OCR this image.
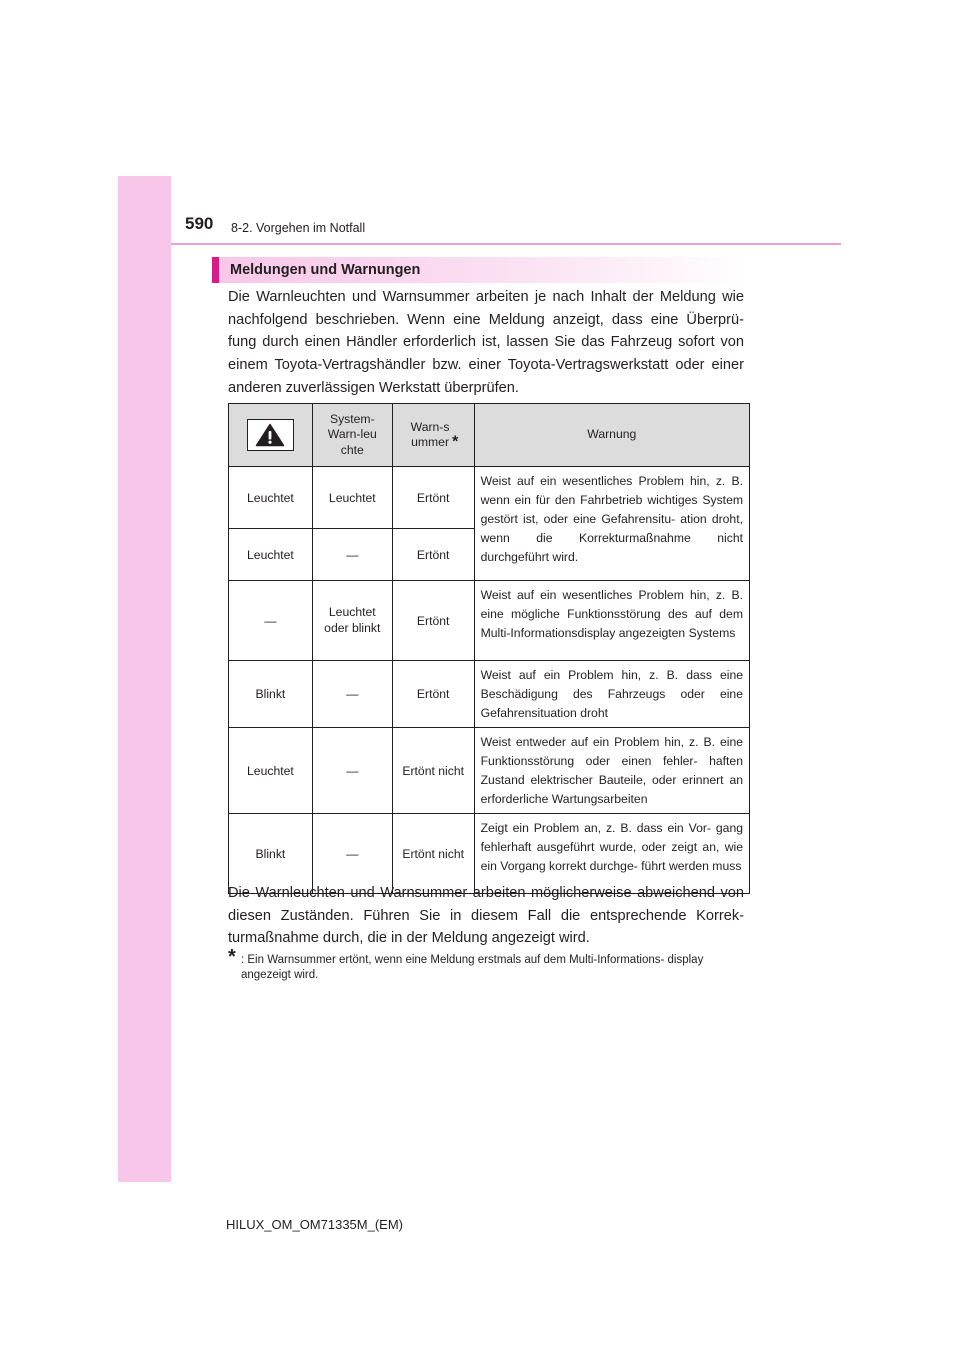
590 8-2. Vorgehen im Notfall
Meldungen und Warnungen
Die Warnleuchten und Warnsummer arbeiten je nach Inhalt der Meldung wie nachfolgend beschrieben. Wenn eine Meldung anzeigt, dass eine Überprü- fung durch einen Händler erforderlich ist, lassen Sie das Fahrzeug sofort von einem Toyota-Vertragshändler bzw. einer Toyota-Vertragswerkstatt oder einer anderen zuverlässigen Werkstatt überprüfen.
	System-Warn-leuchte	Warn-summer *	Warnung
Leuchtet	Leuchtet	Ertönt	Weist auf ein wesentliches Problem hin, z. B. wenn ein für den Fahrbetrieb wichtiges System gestört ist, oder eine Gefahrensitu- ation droht, wenn die Korrekturmaßnahme nicht durchgeführt wird.
Leuchtet	—	Ertönt	
—	Leuchtet oder blinkt	Ertönt	Weist auf ein wesentliches Problem hin, z. B. eine mögliche Funktionsstörung des auf dem Multi-Informationsdisplay angezeigten Systems
Blinkt	—	Ertönt	Weist auf ein Problem hin, z. B. dass eine Beschädigung des Fahrzeugs oder eine Gefahrensituation droht
Leuchtet	—	Ertönt nicht	Weist entweder auf ein Problem hin, z. B. eine Funktionsstörung oder einen fehler- haften Zustand elektrischer Bauteile, oder erinnert an erforderliche Wartungsarbeiten
Blinkt	—	Ertönt nicht	Zeigt ein Problem an, z. B. dass ein Vor- gang fehlerhaft ausgeführt wurde, oder zeigt an, wie ein Vorgang korrekt durchge- führt werden muss
Die Warnleuchten und Warnsummer arbeiten möglicherweise abweichend von diesen Zuständen. Führen Sie in diesem Fall die entsprechende Korrek- turmaßnahme durch, die in der Meldung angezeigt wird.
* : Ein Warnsummer ertönt, wenn eine Meldung erstmals auf dem Multi-Informations- display angezeigt wird.
HILUX_OM_OM71335M_(EM)
